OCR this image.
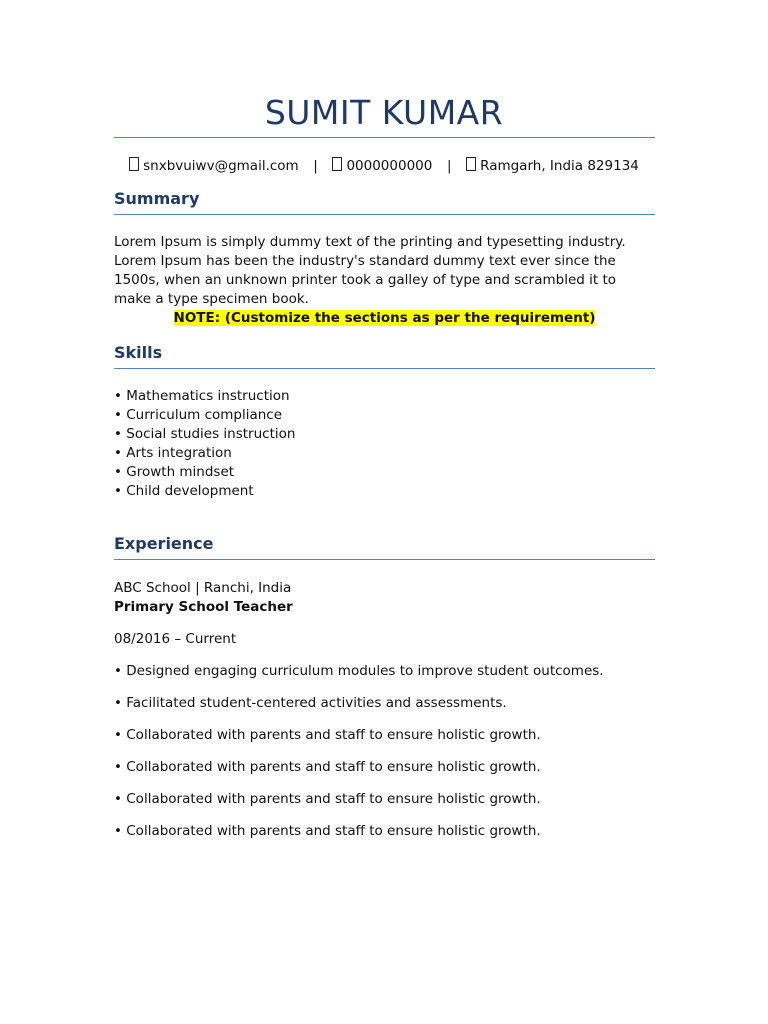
SUMIT KUMAR
snxbvuiwv@gmail.com | 0000000000 | Ramgarh, India 829134
Summary
Lorem Ipsum is simply dummy text of the printing and typesetting industry.
Lorem Ipsum has been the industry's standard dummy text ever since the
1500s, when an unknown printer took a galley of type and scrambled it to
make a type specimen book.
NOTE: (Customize the sections as per the requirement)
Skills
• Mathematics instruction
• Curriculum compliance
• Social studies instruction
• Arts integration
• Growth mindset
• Child development
Experience
ABC School | Ranchi, India
Primary School Teacher
08/2016 – Current
• Designed engaging curriculum modules to improve student outcomes.
• Facilitated student-centered activities and assessments.
• Collaborated with parents and staff to ensure holistic growth.
• Collaborated with parents and staff to ensure holistic growth.
• Collaborated with parents and staff to ensure holistic growth.
• Collaborated with parents and staff to ensure holistic growth.
